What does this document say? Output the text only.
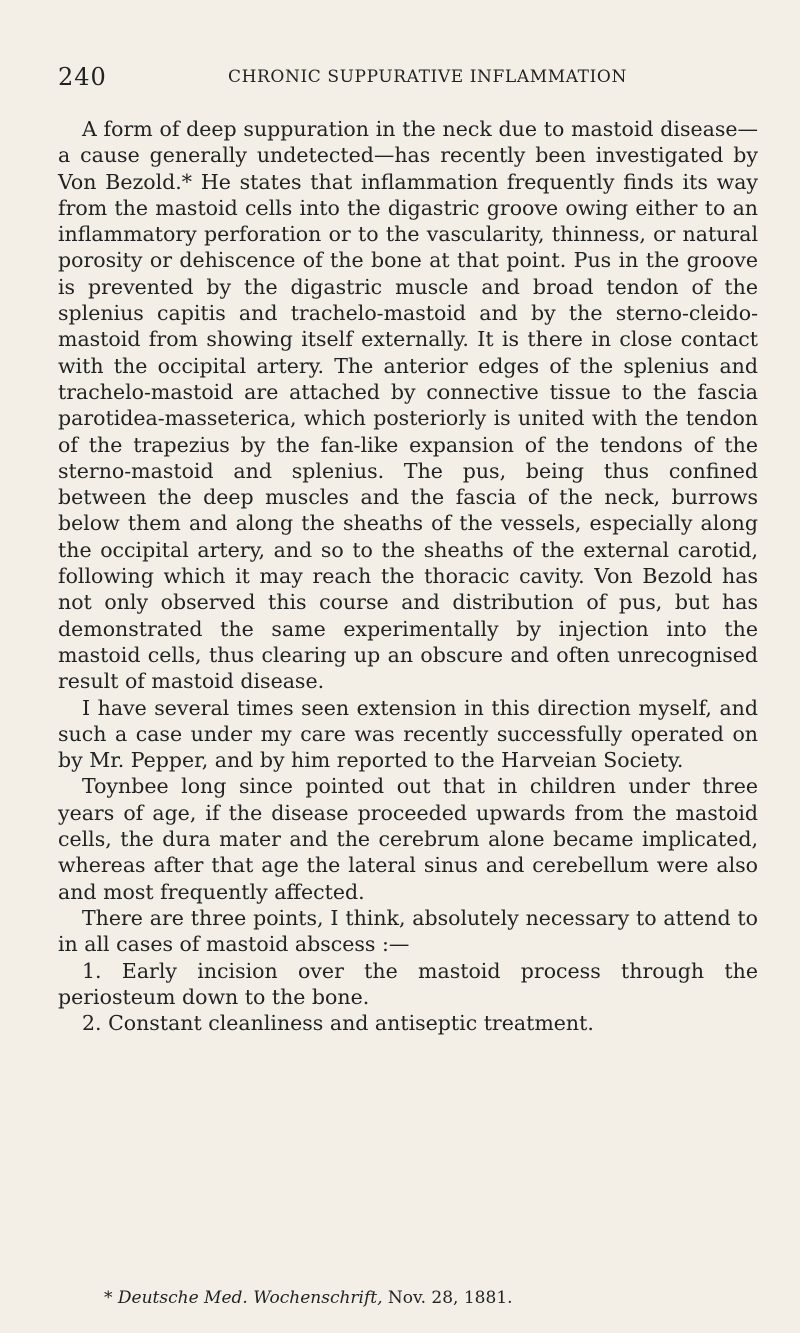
240	CHRONIC SUPPURATIVE INFLAMMATION

A form of deep suppuration in the neck due to mastoid disease—a cause generally undetected—has recently been investigated by Von Bezold.* He states that inflammation frequently finds its way from the mastoid cells into the digastric groove owing either to an inflammatory perforation or to the vascularity, thinness, or natural porosity or dehiscence of the bone at that point. Pus in the groove is prevented by the digastric muscle and broad tendon of the splenius capitis and trachelo-mastoid and by the sterno-cleido-mastoid from showing itself externally. It is there in close contact with the occipital artery. The anterior edges of the splenius and trachelo-mastoid are attached by connective tissue to the fascia parotidea-masseterica, which posteriorly is united with the tendon of the trapezius by the fan-like expansion of the tendons of the sterno-mastoid and splenius. The pus, being thus confined between the deep muscles and the fascia of the neck, burrows below them and along the sheaths of the vessels, especially along the occipital artery, and so to the sheaths of the external carotid, following which it may reach the thoracic cavity. Von Bezold has not only observed this course and distribution of pus, but has demonstrated the same experimentally by injection into the mastoid cells, thus clearing up an obscure and often unrecognised result of mastoid disease.

I have several times seen extension in this direction myself, and such a case under my care was recently successfully operated on by Mr. Pepper, and by him reported to the Harveian Society.

Toynbee long since pointed out that in children under three years of age, if the disease proceeded upwards from the mastoid cells, the dura mater and the cerebrum alone became implicated, whereas after that age the lateral sinus and cerebellum were also and most frequently affected.

There are three points, I think, absolutely necessary to attend to in all cases of mastoid abscess :—

1. Early incision over the mastoid process through the periosteum down to the bone.

2. Constant cleanliness and antiseptic treatment.

* Deutsche Med. Wochenschrift, Nov. 28, 1881.
